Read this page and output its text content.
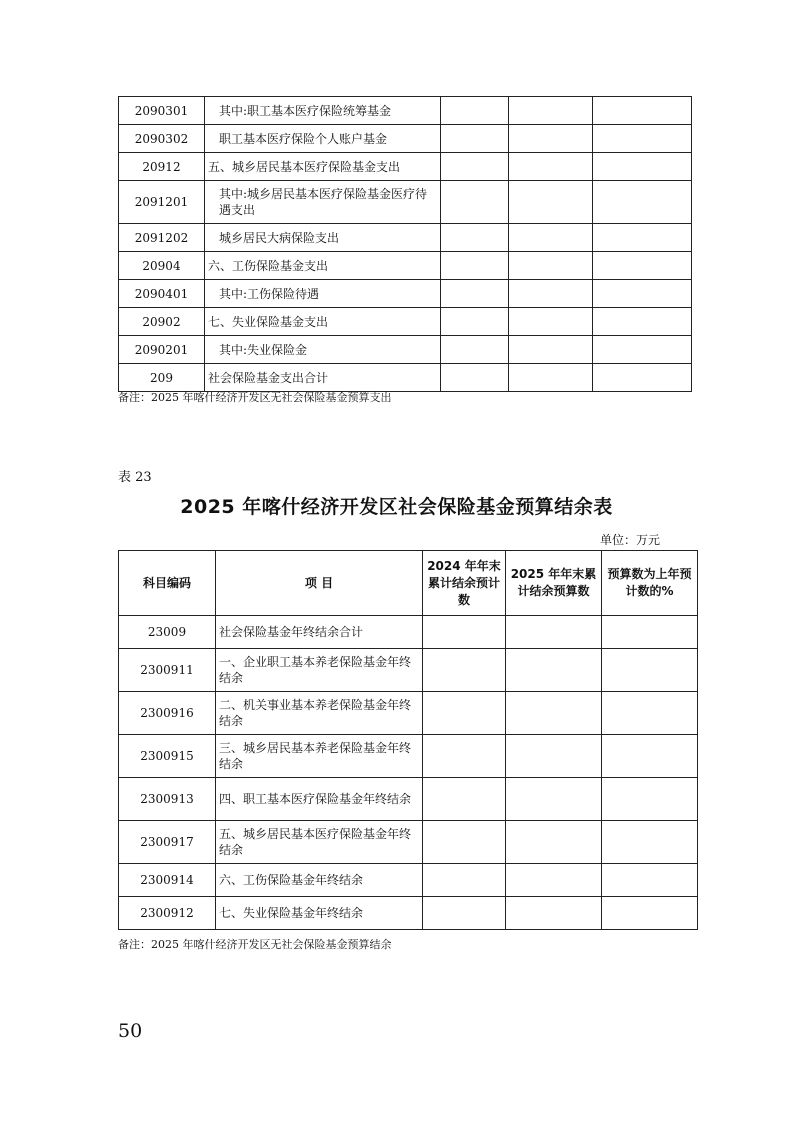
2090301	其中:职工基本医疗保险统筹基金			
2090302	职工基本医疗保险个人账户基金			
20912	五、城乡居民基本医疗保险基金支出			
2091201	其中:城乡居民基本医疗保险基金医疗待遇支出			
2091202	城乡居民大病保险支出			
20904	六、工伤保险基金支出			
2090401	其中:工伤保险待遇			
20902	七、失业保险基金支出			
2090201	其中:失业保险金			
209	社会保险基金支出合计			
备注：2025 年喀什经济开发区无社会保险基金预算支出
表 23
2025 年喀什经济开发区社会保险基金预算结余表
单位：万元
科目编码	项 目	2024 年年末累计结余预计数	2025 年年末累计结余预算数	预算数为上年预计数的%
23009	社会保险基金年终结余合计			
2300911	一、企业职工基本养老保险基金年终结余			
2300916	二、机关事业基本养老保险基金年终结余			
2300915	三、城乡居民基本养老保险基金年终结余			
2300913	四、职工基本医疗保险基金年终结余			
2300917	五、城乡居民基本医疗保险基金年终结余			
2300914	六、工伤保险基金年终结余			
2300912	七、失业保险基金年终结余			
备注：2025 年喀什经济开发区无社会保险基金预算结余
50
